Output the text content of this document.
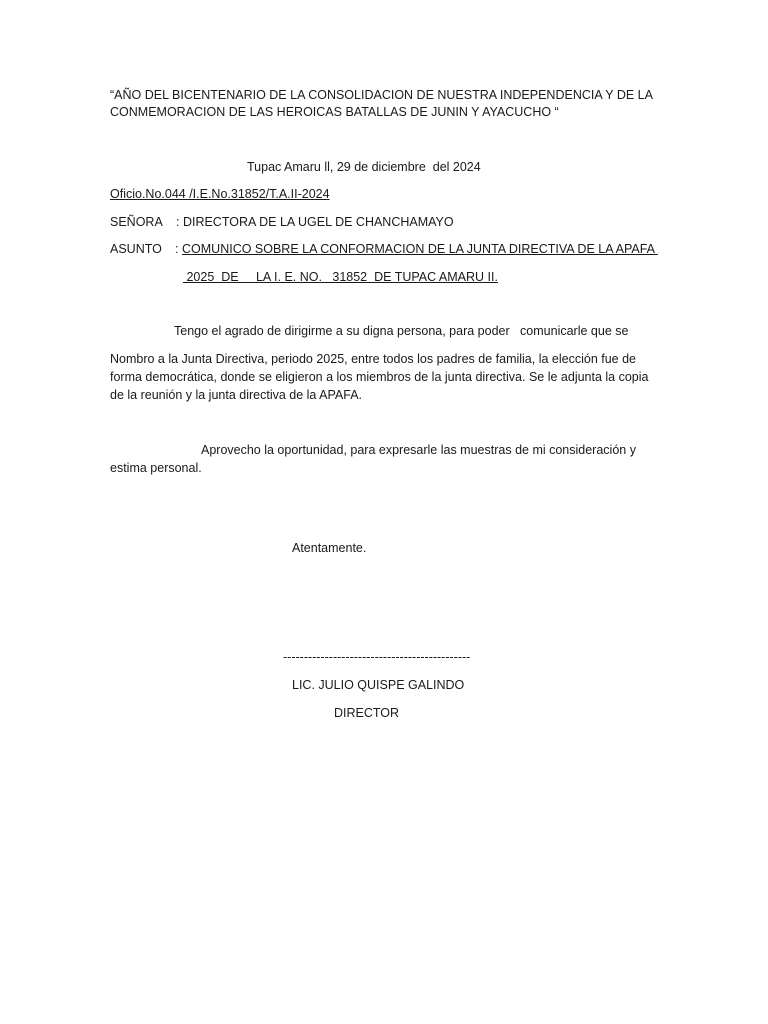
“AÑO DEL BICENTENARIO DE LA CONSOLIDACION DE NUESTRA INDEPENDENCIA Y DE LA
CONMEMORACION DE LAS HEROICAS BATALLAS DE JUNIN Y AYACUCHO “
Tupac Amaru ll, 29 de diciembre  del 2024
Oficio.No.044 /I.E.No.31852/T.A.II-2024
SEÑORA : DIRECTORA DE LA UGEL DE CHANCHAMAYO
ASUNTO : COMUNICO SOBRE LA CONFORMACION DE LA JUNTA DIRECTIVA DE LA APAFA
2025  DE     LA I. E. NO.   31852  DE TUPAC AMARU II.
Tengo el agrado de dirigirme a su digna persona, para poder   comunicarle que se
Nombro a la Junta Directiva, periodo 2025, entre todos los padres de familia, la elección fue de forma democrática, donde se eligieron a los miembros de la junta directiva. Se le adjunta la copia de la reunión y la junta directiva de la APAFA.
Aprovecho la oportunidad, para expresarle las muestras de mi consideración y estima personal.
Atentamente.
---------------------------------------------
LIC. JULIO QUISPE GALINDO
DIRECTOR
